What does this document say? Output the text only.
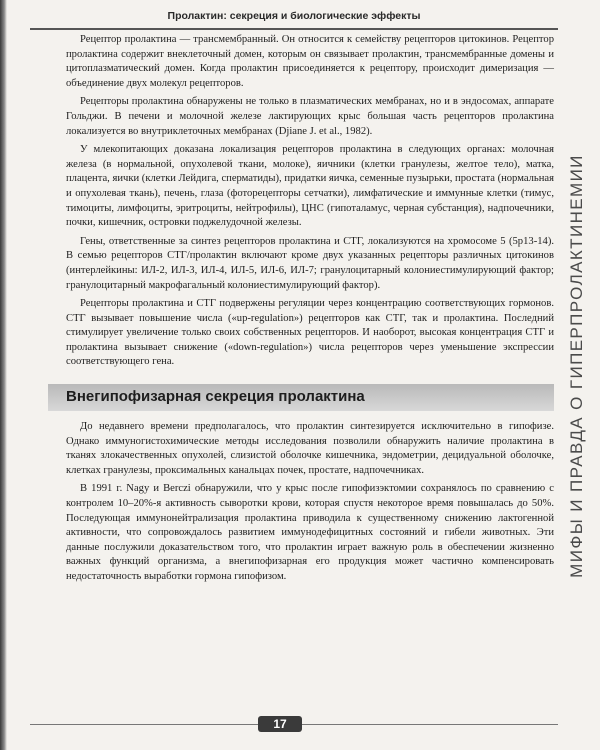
Пролактин: секреция и биологические эффекты
МИФЫ И ПРАВДА О ГИПЕРПРОЛАКТИНЕМИИ

Рецептор пролактина — трансмембранный. Он относится к семейству рецепторов цитокинов. Рецептор пролактина содержит внеклеточный домен, которым он связывает пролактин, трансмембранные домены и цитоплазматический домен. Когда пролактин присоединяется к рецептору, происходит димеризация — объединение двух молекул рецепторов.

Рецепторы пролактина обнаружены не только в плазматических мембранах, но и в эндосомах, аппарате Гольджи. В печени и молочной железе лактирующих крыс большая часть рецепторов пролактина локализуется во внутриклеточных мембранах (Djiane J. et al., 1982).

У млекопитающих доказана локализация рецепторов пролактина в следующих органах: молочная железа (в нормальной, опухолевой ткани, молоке), яичники (клетки гранулезы, желтое тело), матка, плацента, яички (клетки Лейдига, сперматиды), придатки яичка, семенные пузырьки, простата (нормальная и опухолевая ткань), печень, глаза (фоторецепторы сетчатки), лимфатические и иммунные клетки (тимус, тимоциты, лимфоциты, эритроциты, нейтрофилы), ЦНС (гипоталамус, черная субстанция), надпочечники, почки, кишечник, островки поджелудочной железы.

Гены, ответственные за синтез рецепторов пролактина и СТГ, локализуются на хромосоме 5 (5p13-14). В семью рецепторов СТГ/пролактин включают кроме двух указанных рецепторы различных цитокинов (интерлейкины: ИЛ-2, ИЛ-3, ИЛ-4, ИЛ-5, ИЛ-6, ИЛ-7; гранулоцитарный колониестимулирующий фактор; гранулоцитарный макрофагальный колониестимулирующий фактор).

Рецепторы пролактина и СТГ подвержены регуляции через концентрацию соответствующих гормонов. СТГ вызывает повышение числа («up-regulation») рецепторов как СТГ, так и пролактина. Последний стимулирует увеличение только своих собственных рецепторов. И наоборот, высокая концентрация СТГ и пролактина вызывает снижение («down-regulation») числа рецепторов через уменьшение экспрессии соответствующего гена.

Внегипофизарная секреция пролактина

До недавнего времени предполагалось, что пролактин синтезируется исключительно в гипофизе. Однако иммуногистохимические методы исследования позволили обнаружить наличие пролактина в тканях злокачественных опухолей, слизистой оболочке кишечника, эндометрии, децидуальной оболочке, клетках гранулезы, проксимальных канальцах почек, простате, надпочечниках.

В 1991 г. Nagy и Berczi обнаружили, что у крыс после гипофизэктомии сохранялось по сравнению с контролем 10–20%-я активность сыворотки крови, которая спустя некоторое время повышалась до 50%. Последующая иммунонейтрализация пролактина приводила к существенному снижению лактогенной активности, что сопровождалось развитием иммунодефицитных состояний и гибели животных. Эти данные послужили доказательством того, что пролактин играет важную роль в обеспечении жизненно важных функций организма, а внегипофизарная его продукция может частично компенсировать недостаточность выработки гормона гипофизом.

17
